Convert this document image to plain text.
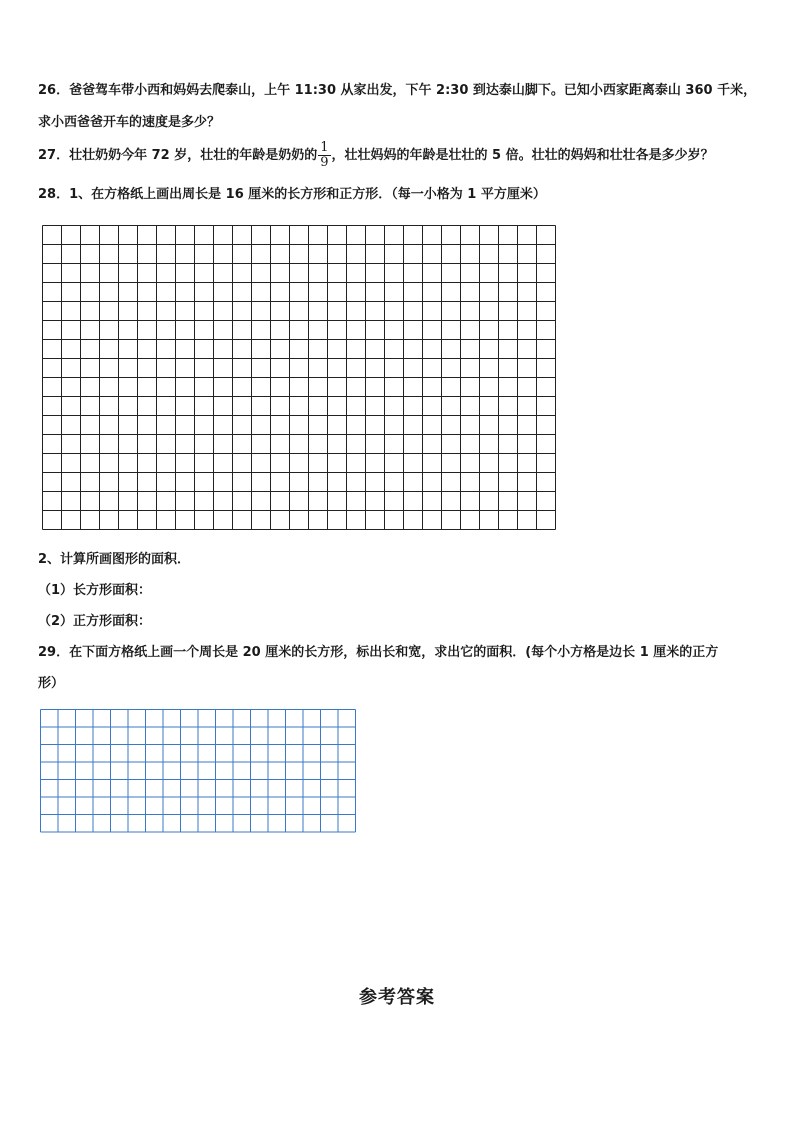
26．爸爸驾车带小西和妈妈去爬泰山，上午 11:30 从家出发，下午 2:30 到达泰山脚下。已知小西家距离泰山 360 千米，
求小西爸爸开车的速度是多少？
27．壮壮奶奶今年 72 岁，壮壮的年龄是奶奶的 $\frac{1}{9}$ ，壮壮妈妈的年龄是壮壮的 5 倍。壮壮的妈妈和壮壮各是多少岁？
28．1、在方格纸上画出周长是 16 厘米的长方形和正方形．（每一小格为 1 平方厘米）
2、计算所画图形的面积．
（1）长方形面积：
（2）正方形面积：
29．在下面方格纸上画一个周长是 20 厘米的长方形，标出长和宽，求出它的面积．(每个小方格是边长 1 厘米的正方
形）
参考答案
